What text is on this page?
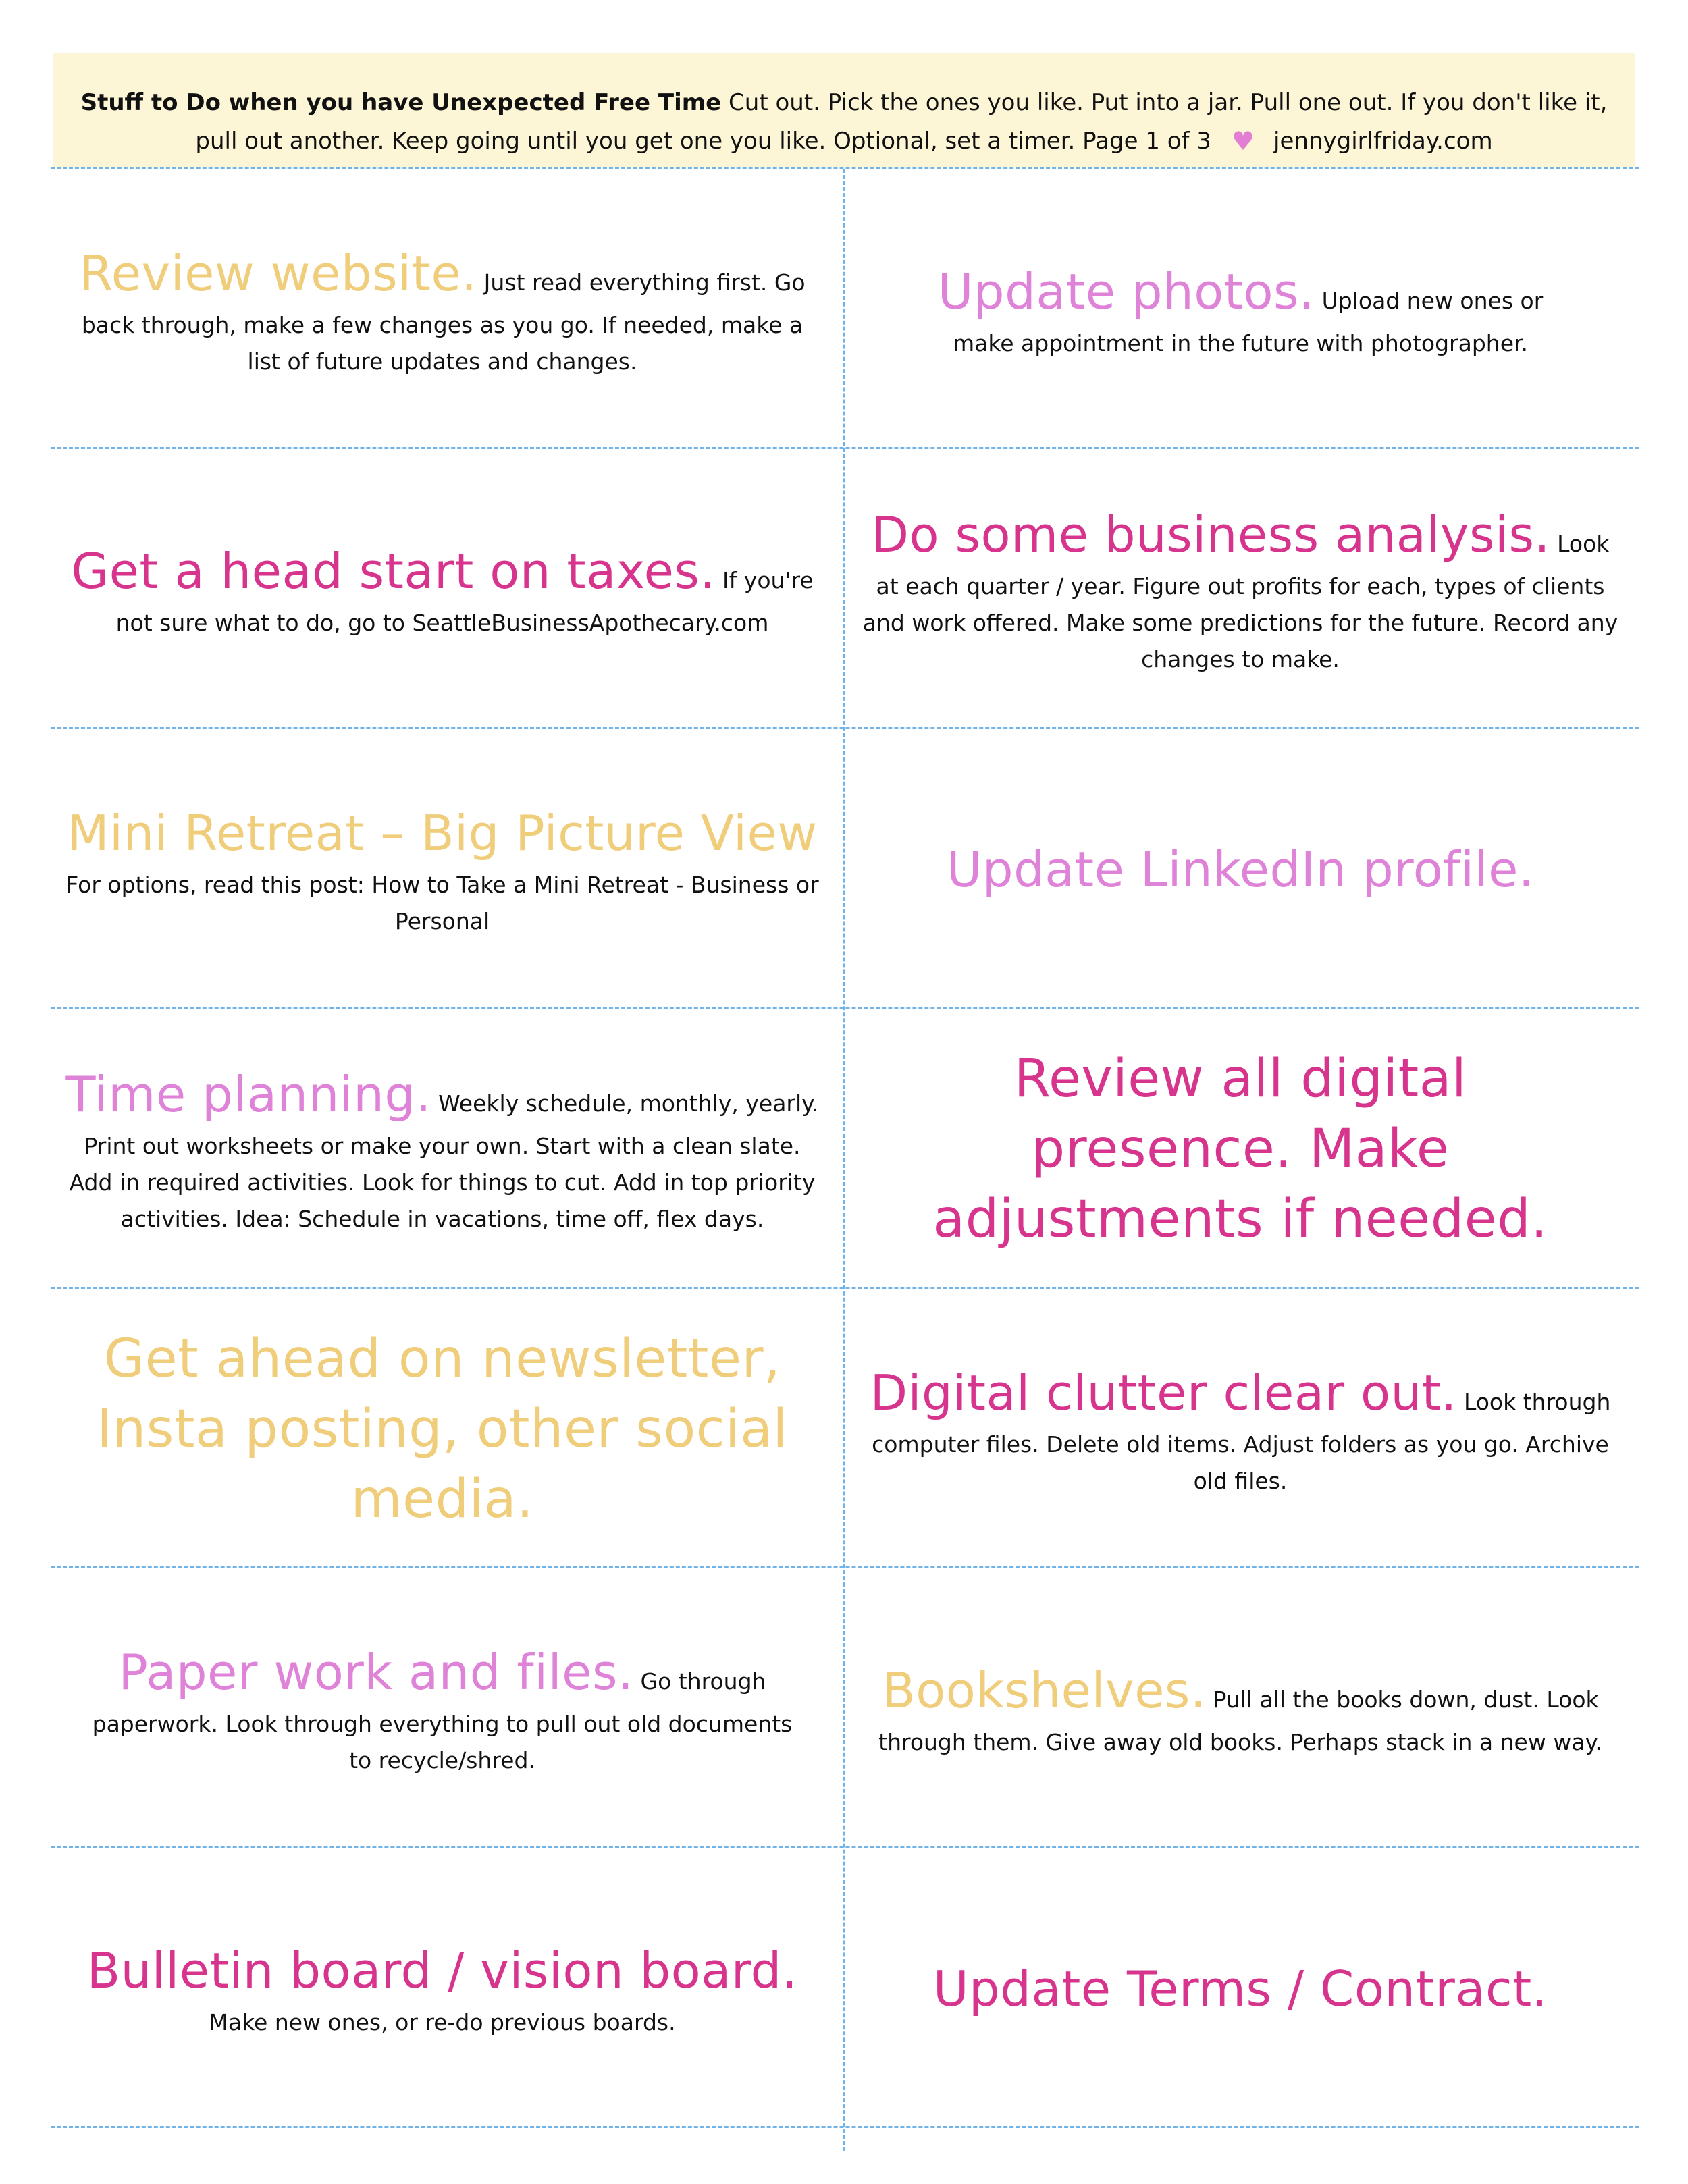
Stuff to Do when you have Unexpected Free Time Cut out. Pick the ones you like. Put into a jar. Pull one out. If you don't like it, pull out another. Keep going until you get one you like. Optional, set a timer. Page 1 of 3 ♥ jennygirlfriday.com
Review website. Just read everything first. Go back through, make a few changes as you go. If needed, make a list of future updates and changes.
Update photos. Upload new ones or make appointment in the future with photographer.
Get a head start on taxes. If you're not sure what to do, go to SeattleBusinessApothecary.com
Do some business analysis. Look at each quarter / year. Figure out profits for each, types of clients and work offered. Make some predictions for the future. Record any changes to make.
Mini Retreat – Big Picture View
For options, read this post: How to Take a Mini Retreat - Business or Personal
Update LinkedIn profile.
Time planning. Weekly schedule, monthly, yearly. Print out worksheets or make your own. Start with a clean slate. Add in required activities. Look for things to cut. Add in top priority activities. Idea: Schedule in vacations, time off, flex days.
Review all digital presence. Make adjustments if needed.
Get ahead on newsletter, Insta posting, other social media.
Digital clutter clear out. Look through computer files. Delete old items. Adjust folders as you go. Archive old files.
Paper work and files. Go through paperwork. Look through everything to pull out old documents to recycle/shred.
Bookshelves. Pull all the books down, dust. Look through them. Give away old books. Perhaps stack in a new way.
Bulletin board / vision board.
Make new ones, or re-do previous boards.
Update Terms / Contract.
